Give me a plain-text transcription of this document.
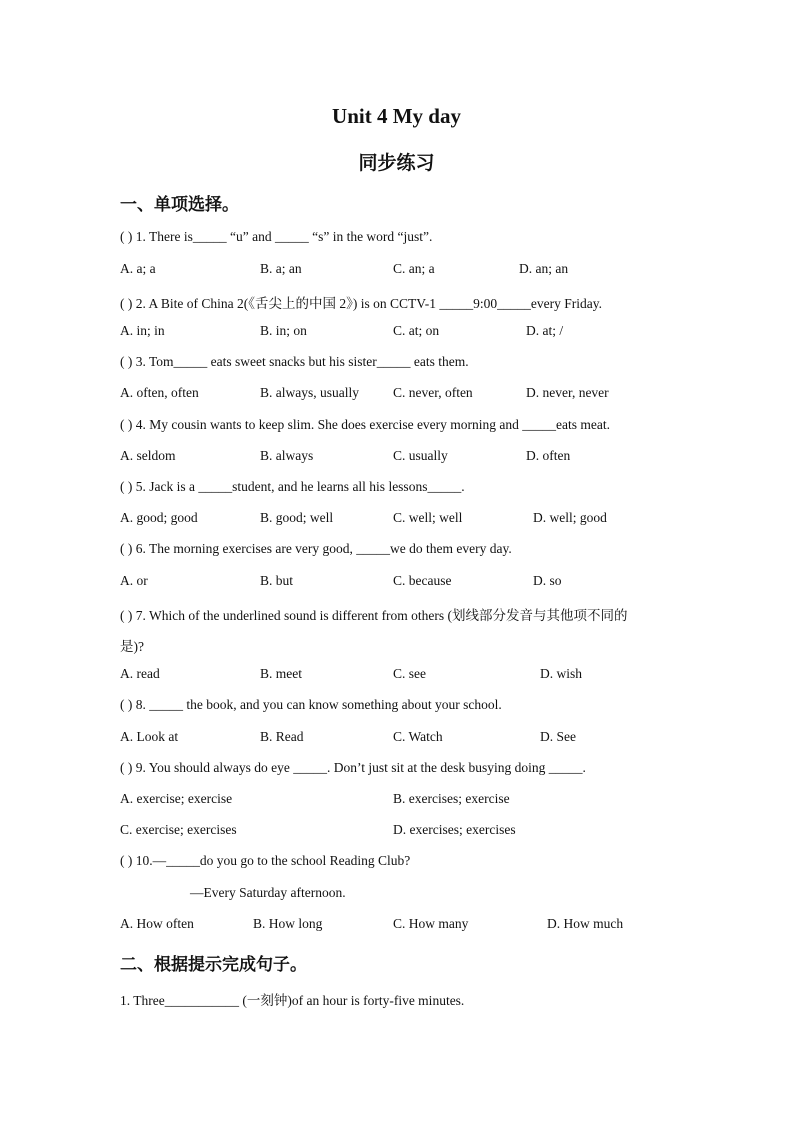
Unit 4 My day
同步练习
一、单项选择。
( ) 1. There is_____ “u” and _____ “s” in the word “just”.
A. a; a	B. a; an	C. an; a	D. an; an
( ) 2. A Bite of China 2(《舌尖上的中国 2》) is on CCTV-1 _____9:00_____every Friday.
A. in; in	B. in; on	C. at; on	D. at; /
( ) 3. Tom_____ eats sweet snacks but his sister_____ eats them.
A. often, often	B. always, usually	C. never, often	D. never, never
( ) 4. My cousin wants to keep slim. She does exercise every morning and _____eats meat.
A. seldom	B. always	C. usually	D. often
( ) 5. Jack is a _____student, and he learns all his lessons_____.
A. good; good	B. good; well	C. well; well	D. well; good
( ) 6. The morning exercises are very good, _____we do them every day.
A. or	B. but	C. because	D. so
( ) 7. Which of the underlined sound is different from others (划线部分发音与其他项不同的
是)?
A. read	B. meet	C. see	D. wish
( ) 8. _____ the book, and you can know something about your school.
A. Look at	B. Read	C. Watch	D. See
( ) 9. You should always do eye _____. Don’t just sit at the desk busying doing _____.
A. exercise; exercise	B. exercises; exercise
C. exercise; exercises	D. exercises; exercises
( ) 10.—_____do you go to the school Reading Club?
—Every Saturday afternoon.
A. How often	B. How long	C. How many	D. How much
二、根据提示完成句子。
1. Three___________ (一刻钟)of an hour is forty-five minutes.
